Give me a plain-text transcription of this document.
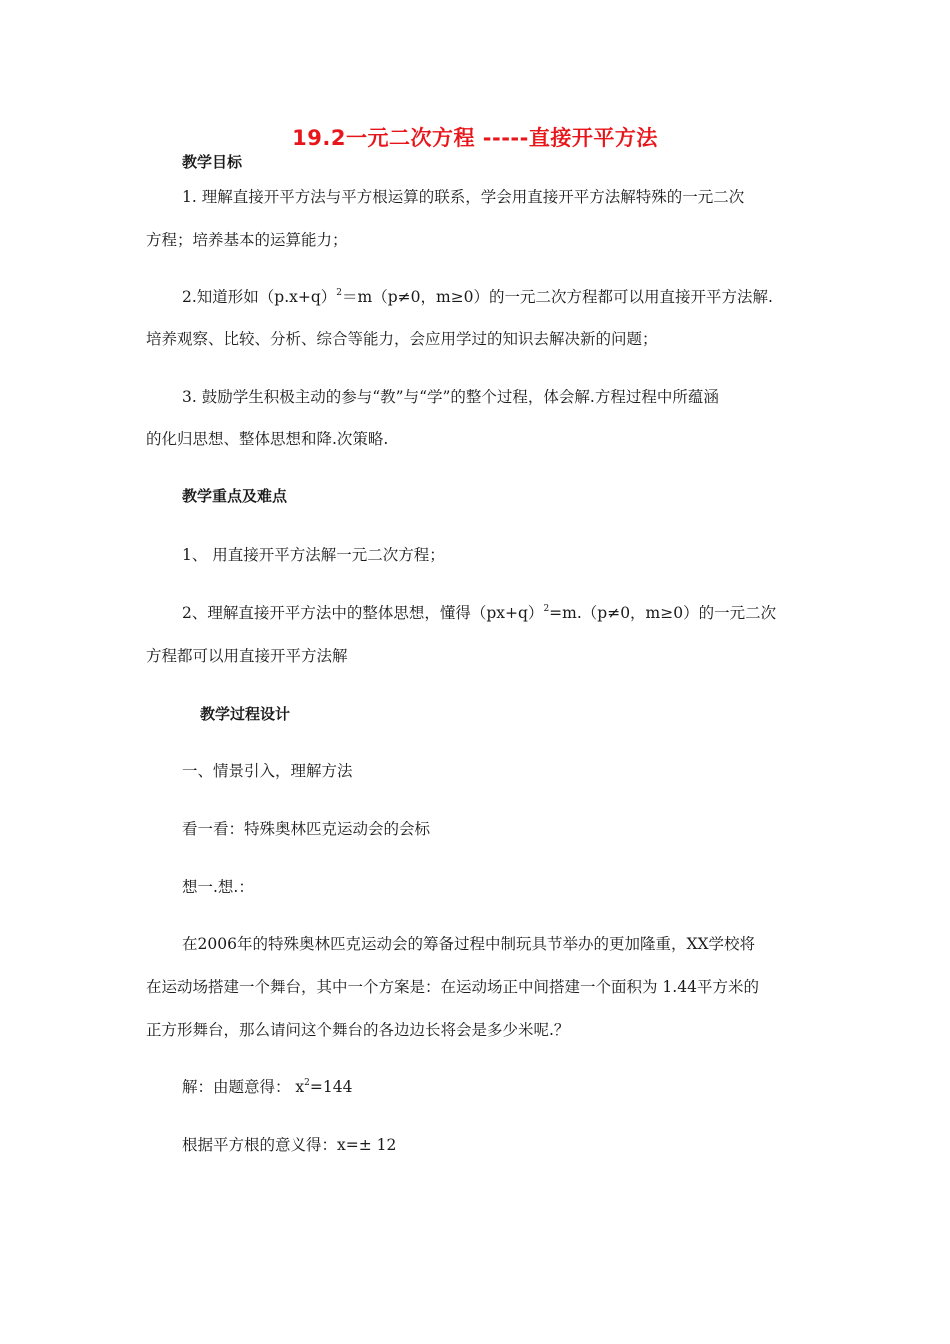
19.2一元二次方程 -----直接开平方法
教学目标
1. 理解直接开平方法与平方根运算的联系，学会用直接开平方法解特殊的一元二次
方程；培养基本的运算能力；
2.知道形如$(p.x+q)^2=m(p\ne 0$，m≥0）的一元二次方程都可以用直接开平方法解.
培养观察、比较、分析、综合等能力，会应用学过的知识去解决新的问题；
3. 鼓励学生积极主动的参与“教”与“学”的整个过程，体会解.方程过程中所蕴涵
的化归思想、整体思想和降.次策略.
教学重点及难点
1、 用直接开平方法解一元二次方程；
2、理解直接开平方法中的整体思想，懂得$(px+q)^2=m.(p\ne 0$，m≥0）的一元二次
方程都可以用直接开平方法解
教学过程设计
一、情景引入，理解方法
看一看：特殊奥林匹克运动会的会标
想一.想.：
在2006年的特殊奥林匹克运动会的筹备过程中制玩具节举办的更加隆重，XX学校将
在运动场搭建一个舞台，其中一个方案是：在运动场正中间搭建一个面积为 1.44平方米的
正方形舞台，那么请问这个舞台的各边边长将会是多少米呢.？
解：由题意得： $x^2=144$
根据平方根的意义得：x=± 12
